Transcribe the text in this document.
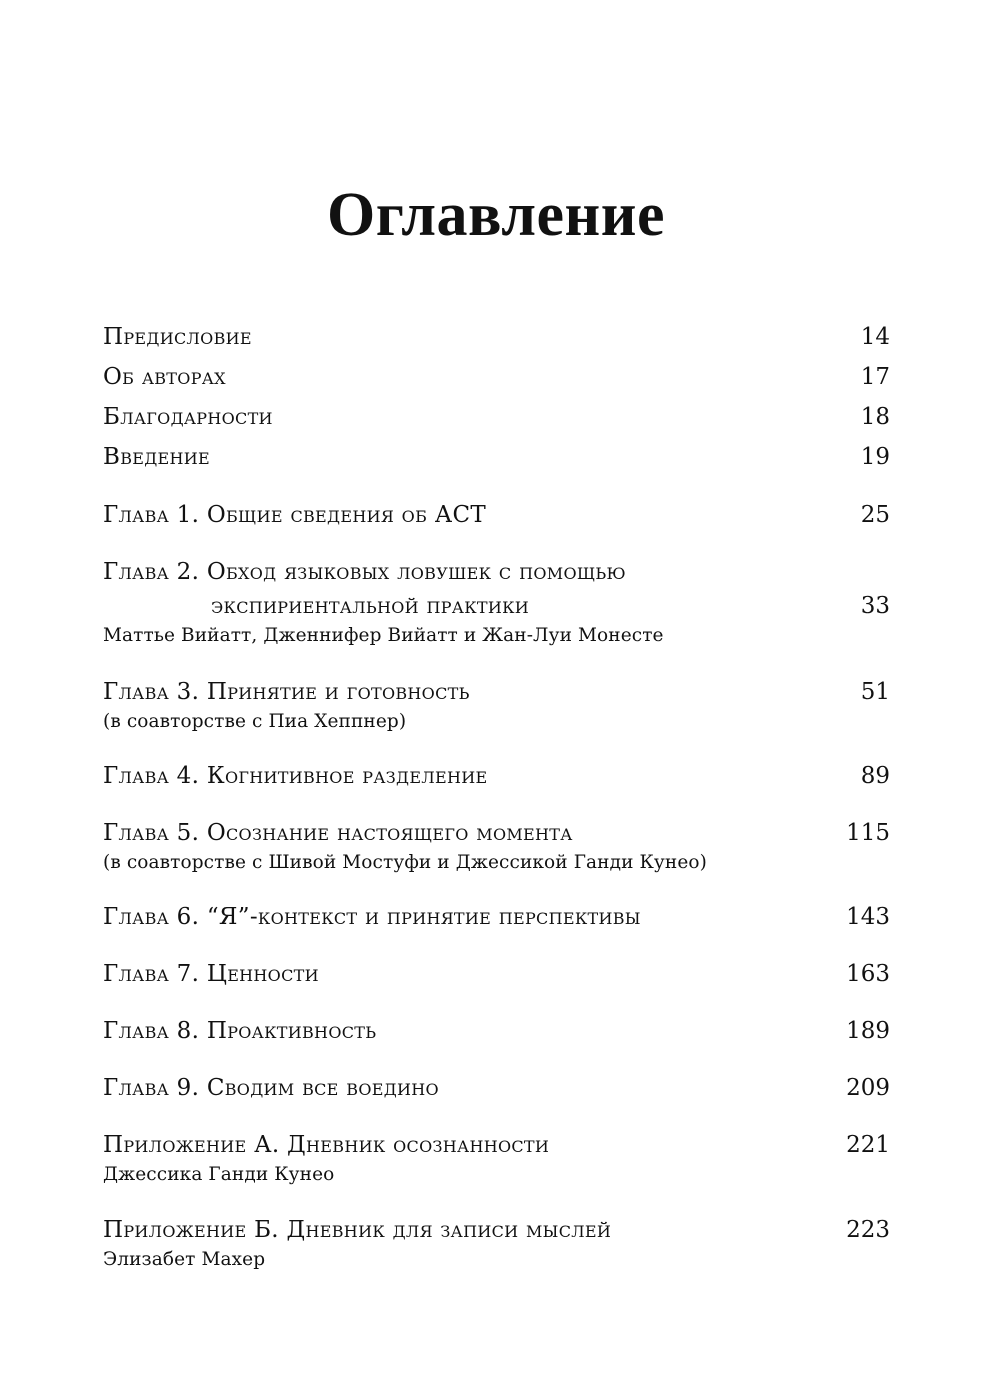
Оглавление
Предисловие	14
Об авторах	17
Благодарности	18
Введение	19
Глава 1. Общие сведения об АСТ	25
Глава 2. Обход языковых ловушек с помощью
экспириентальной практики	33
Маттье Вийатт, Дженнифер Вийатт и Жан-Луи Монесте
Глава 3. Принятие и готовность	51
(в соавторстве с Пиа Хеппнер)
Глава 4. Когнитивное разделение	89
Глава 5. Осознание настоящего момента	115
(в соавторстве с Шивой Мостуфи и Джессикой Ганди Кунео)
Глава 6. “Я”-контекст и принятие перспективы	143
Глава 7. Ценности	163
Глава 8. Проактивность	189
Глава 9. Сводим все воедино	209
Приложение А. Дневник осознанности	221
Джессика Ганди Кунео
Приложение Б. Дневник для записи мыслей	223
Элизабет Махер
